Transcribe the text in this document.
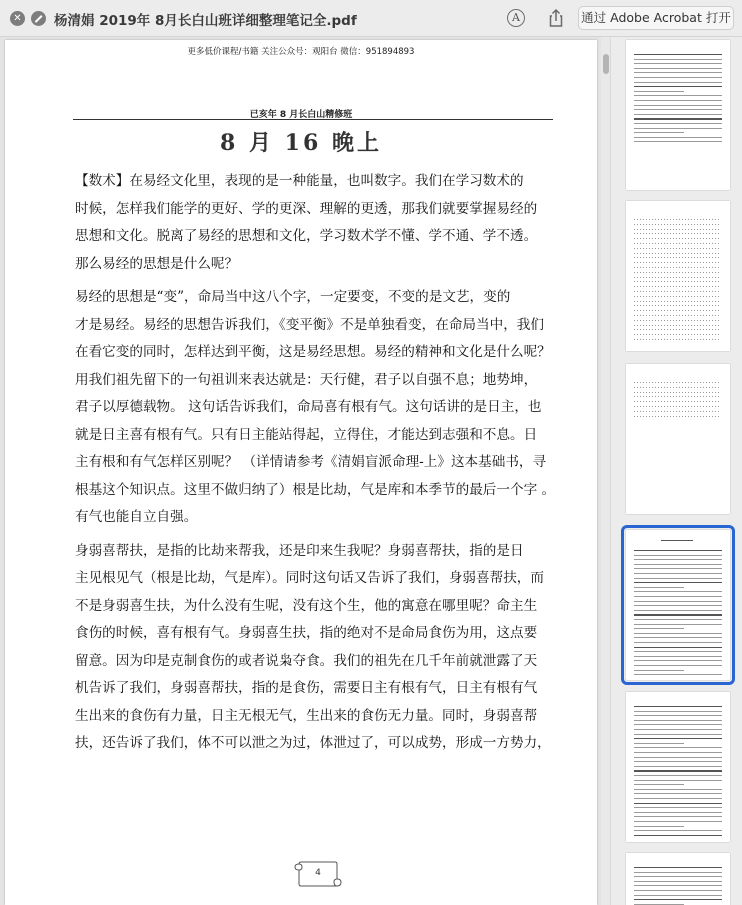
✕ 杨清娟 2019年 8月长白山班详细整理笔记全.pdf	A	通过 Adobe Acrobat 打开
更多低价课程/书籍 关注公众号：观阳台 微信：951894893
已亥年 8 月长白山精修班
8 月 16 晚上
【数术】在易经文化里，表现的是一种能量，也叫数字。我们在学习数术的
时候，怎样我们能学的更好、学的更深、理解的更透，那我们就要掌握易经的
思想和文化。脱离了易经的思想和文化，学习数术学不懂、学不通、学不透。
那么易经的思想是什么呢？
易经的思想是“变”，命局当中这八个字，一定要变，不变的是文艺，变的
才是易经。易经的思想告诉我们，《变平衡》不是单独看变，在命局当中，我们
在看它变的同时，怎样达到平衡，这是易经思想。易经的精神和文化是什么呢？
用我们祖先留下的一句祖训来表达就是：天行健，君子以自强不息；地势坤，
君子以厚德载物。 这句话告诉我们，命局喜有根有气。这句话讲的是日主，也
就是日主喜有根有气。只有日主能站得起，立得住，才能达到志强和不息。日
主有根和有气怎样区别呢？ （详情请参考《清娟盲派命理-上》这本基础书，寻
根基这个知识点。这里不做归纳了）根是比劫，气是库和本季节的最后一个字 。
有气也能自立自强。
身弱喜帮扶，是指的比劫来帮我，还是印来生我呢？身弱喜帮扶，指的是日
主见根见气（根是比劫，气是库）。同时这句话又告诉了我们，身弱喜帮扶，而
不是身弱喜生扶，为什么没有生呢，没有这个生，他的寓意在哪里呢？命主生
食伤的时候，喜有根有气。身弱喜生扶，指的绝对不是命局食伤为用，这点要
留意。因为印是克制食伤的或者说枭夺食。我们的祖先在几千年前就泄露了天
机告诉了我们，身弱喜帮扶，指的是食伤，需要日主有根有气，日主有根有气
生出来的食伤有力量，日主无根无气，生出来的食伤无力量。同时，身弱喜帮
扶，还告诉了我们，体不可以泄之为过，体泄过了，可以成势，形成一方势力，
4
